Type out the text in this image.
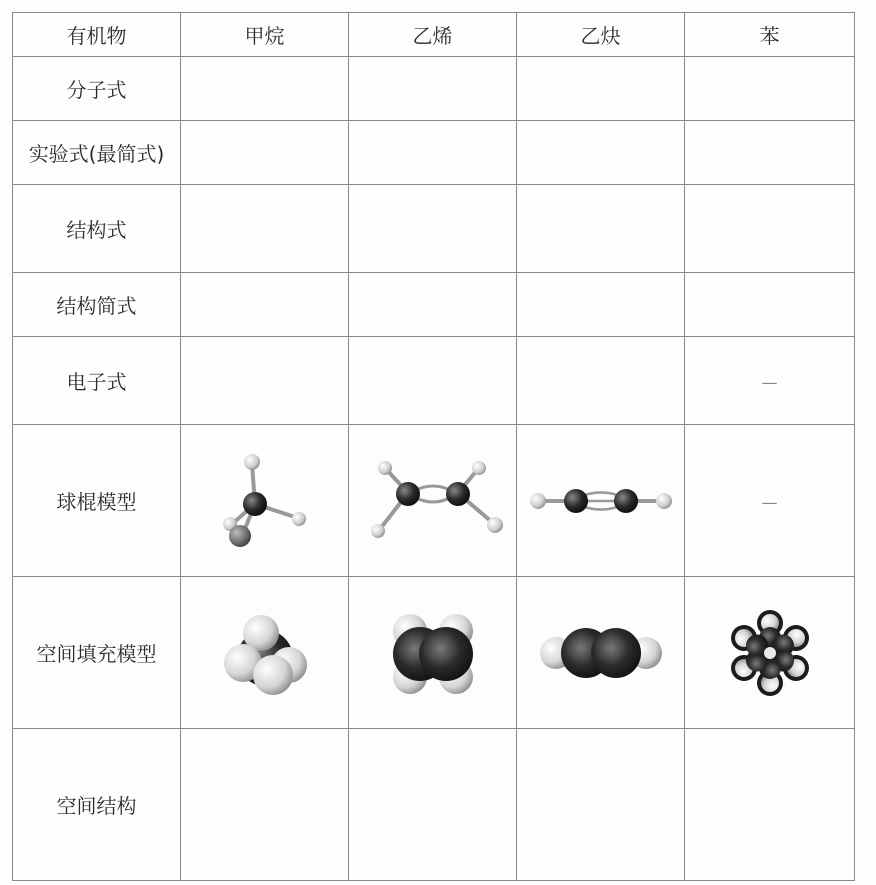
有机物	甲烷	乙烯	乙炔	苯
分子式				
实验式(最简式)				
结构式				
结构简式				
电子式				—
球棍模型				—
空间填充模型	

空间结构				
